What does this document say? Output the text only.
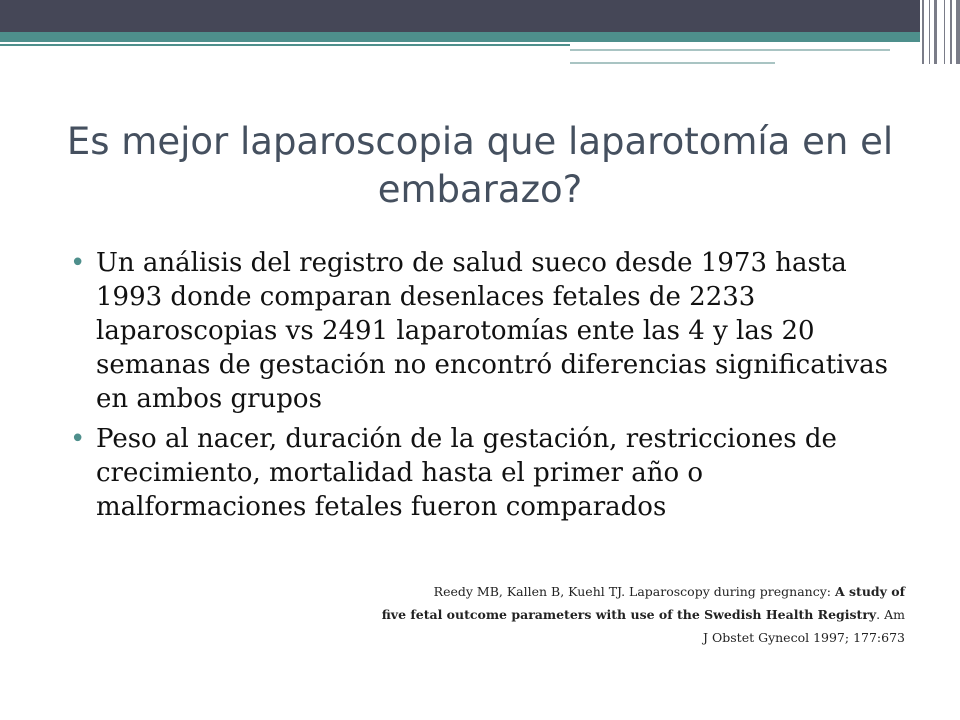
Es mejor laparoscopia que laparotomía en el embarazo?
• Un análisis del registro de salud sueco desde 1973 hasta 1993 donde comparan desenlaces fetales de 2233 laparoscopias vs 2491 laparotomías ente las 4 y las 20 semanas de gestación no encontró diferencias significativas en ambos grupos
• Peso al nacer, duración de la gestación, restricciones de crecimiento, mortalidad hasta el primer año o malformaciones fetales fueron comparados
Reedy MB, Kallen B, Kuehl TJ. Laparoscopy during pregnancy: A study of
five fetal outcome parameters with use of the Swedish Health Registry. Am
J Obstet Gynecol 1997; 177:673
